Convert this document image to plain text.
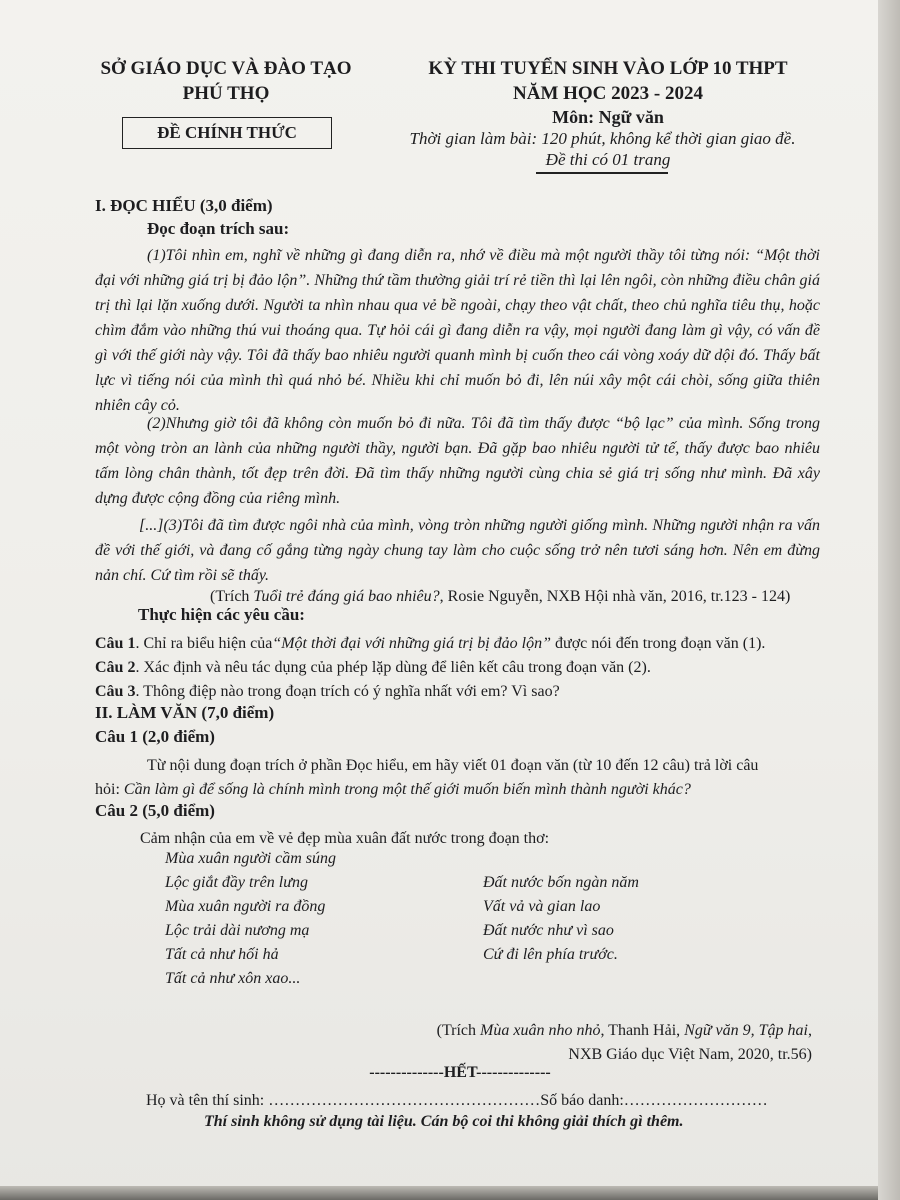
SỞ GIÁO DỤC VÀ ĐÀO TẠO
PHÚ THỌ
ĐỀ CHÍNH THỨC
KỲ THI TUYỂN SINH VÀO LỚP 10 THPT
NĂM HỌC 2023 - 2024
Môn: Ngữ văn
Thời gian làm bài: 120 phút, không kể thời gian giao đề.
Đề thi có 01 trang
I. ĐỌC HIỂU (3,0 điểm)
Đọc đoạn trích sau:
(1)Tôi nhìn em, nghĩ về những gì đang diễn ra, nhớ về điều mà một người thầy tôi từng nói: “Một thời đại với những giá trị bị đảo lộn”. Những thứ tầm thường giải trí rẻ tiền thì lại lên ngôi, còn những điều chân giá trị thì lại lặn xuống dưới. Người ta nhìn nhau qua vẻ bề ngoài, chạy theo vật chất, theo chủ nghĩa tiêu thụ, hoặc chìm đắm vào những thú vui thoáng qua. Tự hỏi cái gì đang diễn ra vậy, mọi người đang làm gì vậy, có vấn đề gì với thế giới này vậy. Tôi đã thấy bao nhiêu người quanh mình bị cuốn theo cái vòng xoáy dữ dội đó. Thấy bất lực vì tiếng nói của mình thì quá nhỏ bé. Nhiều khi chỉ muốn bỏ đi, lên núi xây một cái chòi, sống giữa thiên nhiên cây cỏ.
(2)Nhưng giờ tôi đã không còn muốn bỏ đi nữa. Tôi đã tìm thấy được “bộ lạc” của mình. Sống trong một vòng tròn an lành của những người thầy, người bạn. Đã gặp bao nhiêu người tử tế, thấy được bao nhiêu tấm lòng chân thành, tốt đẹp trên đời. Đã tìm thấy những người cùng chia sẻ giá trị sống như mình. Đã xây dựng được cộng đồng của riêng mình.
[...](3)Tôi đã tìm được ngôi nhà của mình, vòng tròn những người giống mình. Những người nhận ra vấn đề với thế giới, và đang cố gắng từng ngày chung tay làm cho cuộc sống trở nên tươi sáng hơn. Nên em đừng nản chí. Cứ tìm rồi sẽ thấy.
(Trích Tuổi trẻ đáng giá bao nhiêu?, Rosie Nguyễn, NXB Hội nhà văn, 2016, tr.123 - 124)
Thực hiện các yêu cầu:
Câu 1. Chỉ ra biểu hiện của“Một thời đại với những giá trị bị đảo lộn” được nói đến trong đoạn văn (1).
Câu 2. Xác định và nêu tác dụng của phép lặp dùng để liên kết câu trong đoạn văn (2).
Câu 3. Thông điệp nào trong đoạn trích có ý nghĩa nhất với em? Vì sao?
II. LÀM VĂN (7,0 điểm)
Câu 1 (2,0 điểm)
Từ nội dung đoạn trích ở phần Đọc hiểu, em hãy viết 01 đoạn văn (từ 10 đến 12 câu) trả lời câu
hỏi: Cần làm gì để sống là chính mình trong một thế giới muốn biến mình thành người khác?
Câu 2 (5,0 điểm)
Cảm nhận của em về vẻ đẹp mùa xuân đất nước trong đoạn thơ:
Mùa xuân người cầm súng
Lộc giắt đầy trên lưng
Mùa xuân người ra đồng
Lộc trải dài nương mạ
Tất cả như hối hả
Tất cả như xôn xao...
Đất nước bốn ngàn năm
Vất vả và gian lao
Đất nước như vì sao
Cứ đi lên phía trước.
(Trích Mùa xuân nho nhỏ, Thanh Hải, Ngữ văn 9, Tập hai,
NXB Giáo dục Việt Nam, 2020, tr.56)
--------------HẾT--------------
Họ và tên thí sinh: ……………………………………………Số báo danh:………………………
Thí sinh không sử dụng tài liệu. Cán bộ coi thi không giải thích gì thêm.
